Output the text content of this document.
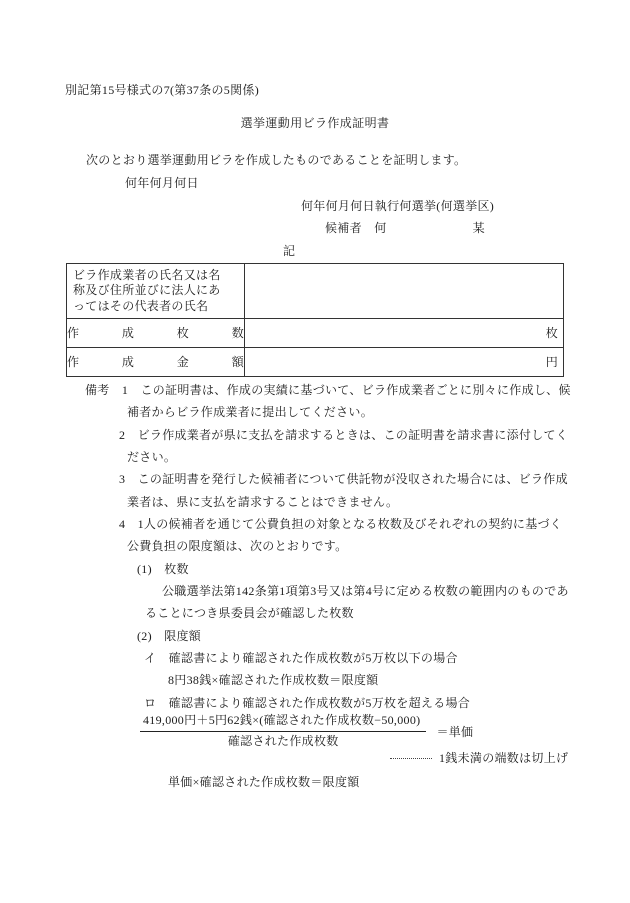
別記第15号様式の7(第37条の5関係)
選挙運動用ビラ作成証明書
次のとおり選挙運動用ビラを作成したものであることを証明します。
何年何月何日
何年何月何日執行何選挙(何選挙区)
候補者　何　　　　　　　某
記
ビラ作成業者の氏名又は名称及び住所並びに法人にあってはその代表者の氏名	

作成枚数	枚
作成金額	円
備考　1　この証明書は、作成の実績に基づいて、ビラ作成業者ごとに別々に作成し、候
補者からビラ作成業者に提出してください。
2　ビラ作成業者が県に支払を請求するときは、この証明書を請求書に添付してく
ださい。
3　この証明書を発行した候補者について供託物が没収された場合には、ビラ作成
業者は、県に支払を請求することはできません。
4　1人の候補者を通じて公費負担の対象となる枚数及びそれぞれの契約に基づく
公費負担の限度額は、次のとおりです。
(1)　枚数
公職選挙法第142条第1項第3号又は第4号に定める枚数の範囲内のものであ
ることにつき県委員会が確認した枚数
(2)　限度額
イ　確認書により確認された作成枚数が5万枚以下の場合
8円38銭×確認された作成枚数＝限度額
ロ　確認書により確認された作成枚数が5万枚を超える場合
$\frac{\text{419,000円＋5円62銭×(確認された作成枚数−50,000)}}{\text{確認された作成枚数}}$ ＝単価
1銭未満の端数は切上げ
単価×確認された作成枚数＝限度額
